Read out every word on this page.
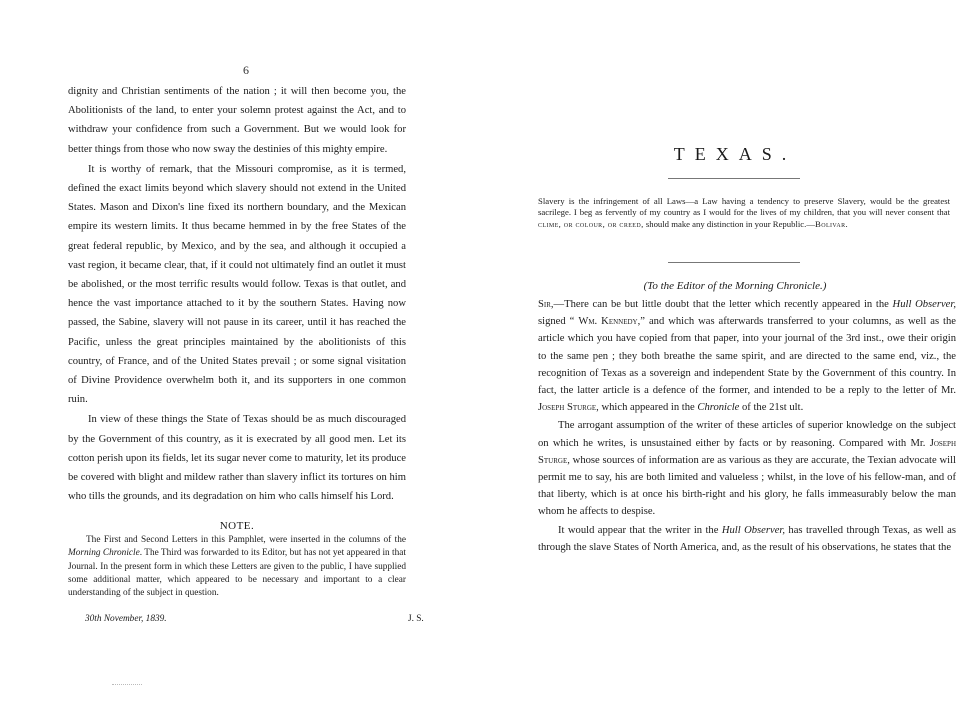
6

dignity and Christian sentiments of the nation ; it will then become you, the Abolitionists of the land, to enter your solemn protest against the Act, and to withdraw your confidence from such a Government. But we would look for better things from those who now sway the destinies of this mighty empire.

It is worthy of remark, that the Missouri compromise, as it is termed, defined the exact limits beyond which slavery should not extend in the United States. Mason and Dixon's line fixed its northern boundary, and the Mexican empire its western limits. It thus became hemmed in by the free States of the great federal republic, by Mexico, and by the sea, and although it occupied a vast region, it became clear, that, if it could not ultimately find an outlet it must be abolished, or the most terrific results would follow. Texas is that outlet, and hence the vast importance attached to it by the southern States. Having now passed, the Sabine, slavery will not pause in its career, until it has reached the Pacific, unless the great principles maintained by the abolitionists of this country, of France, and of the United States prevail ; or some signal visitation of Divine Providence overwhelm both it, and its supporters in one common ruin.

In view of these things the State of Texas should be as much discouraged by the Government of this country, as it is execrated by all good men. Let its cotton perish upon its fields, let its sugar never come to maturity, let its produce be covered with blight and mildew rather than slavery inflict its tortures on him who tills the grounds, and its degradation on him who calls himself his Lord.

NOTE.
The First and Second Letters in this Pamphlet, were inserted in the columns of the Morning Chronicle. The Third was forwarded to its Editor, but has not yet appeared in that Journal. In the present form in which these Letters are given to the public, I have supplied some additional matter, which appeared to be necessary and important to a clear understanding of the subject in question.
30th November, 1839.	J. S.
TEXAS.
Slavery is the infringement of all Laws—a Law having a tendency to preserve Slavery, would be the greatest sacrilege. I beg as fervently of my country as I would for the lives of my children, that you will never consent that clime, or colour, or creed, should make any distinction in your Republic.—Bolivar.
(To the Editor of the Morning Chronicle.)

Sir,—There can be but little doubt that the letter which recently appeared in the Hull Observer, signed “ Wm. Kennedy,” and which was afterwards transferred to your columns, as well as the article which you have copied from that paper, into your journal of the 3rd inst., owe their origin to the same pen ; they both breathe the same spirit, and are directed to the same end, viz., the recognition of Texas as a sovereign and independent State by the Government of this country. In fact, the latter article is a defence of the former, and intended to be a reply to the letter of Mr. Joseph Sturge, which appeared in the Chronicle of the 21st ult.

The arrogant assumption of the writer of these articles of superior knowledge on the subject on which he writes, is unsustained either by facts or by reasoning. Compared with Mr. Joseph Sturge, whose sources of information are as various as they are accurate, the Texian advocate will permit me to say, his are both limited and valueless ; whilst, in the love of his fellow-man, and of that liberty, which is at once his birth-right and his glory, he falls immeasurably below the man whom he affects to despise.

It would appear that the writer in the Hull Observer, has travelled through Texas, as well as through the slave States of North America, and, as the result of his observations, he states that the
